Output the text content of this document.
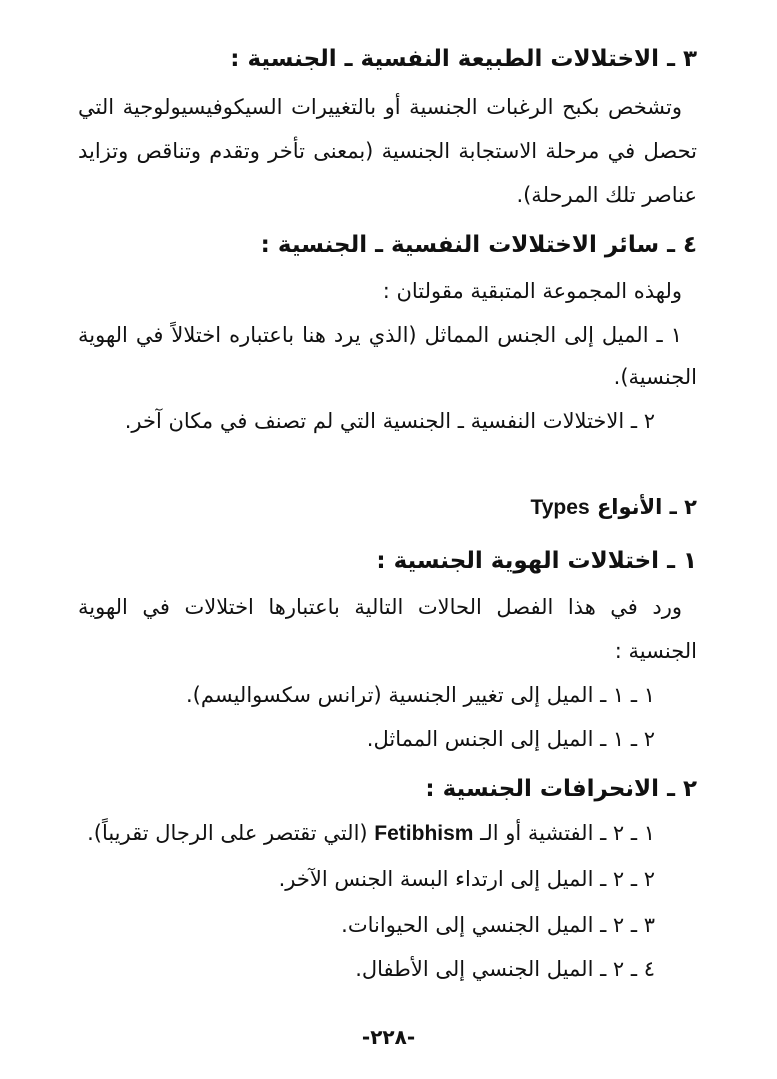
٣ ـ الاختلالات الطبيعة النفسية ـ الجنسية :
وتشخص بكبح الرغبات الجنسية أو بالتغييرات السيكوفيسيولوجية التي
تحصل في مرحلة الاستجابة الجنسية (بمعنى تأخر وتقدم وتناقص وتزايد
عناصر تلك المرحلة).
٤ ـ سائر الاختلالات النفسية ـ الجنسية :
ولهذه المجموعة المتبقية مقولتان :
١ ـ الميل إلى الجنس المماثل (الذي يرد هنا باعتباره اختلالاً في الهوية
الجنسية).
٢ ـ الاختلالات النفسية ـ الجنسية التي لم تصنف في مكان آخر.
٢ ـ الأنواع Types
١ ـ اختلالات الهوية الجنسية :
ورد في هذا الفصل الحالات التالية باعتبارها اختلالات في الهوية
الجنسية :
١ ـ ١ ـ الميل إلى تغيير الجنسية (ترانس سكسواليسم).
٢ ـ ١ ـ الميل إلى الجنس المماثل.
٢ ـ الانحرافات الجنسية :
١ ـ ٢ ـ الفتشية أو الـ Fetibhism (التي تقتصر على الرجال تقريباً).
٢ ـ ٢ ـ الميل إلى ارتداء البسة الجنس الآخر.
٣ ـ ٢ ـ الميل الجنسي إلى الحيوانات.
٤ ـ ٢ ـ الميل الجنسي إلى الأطفال.
-٢٢٨-
